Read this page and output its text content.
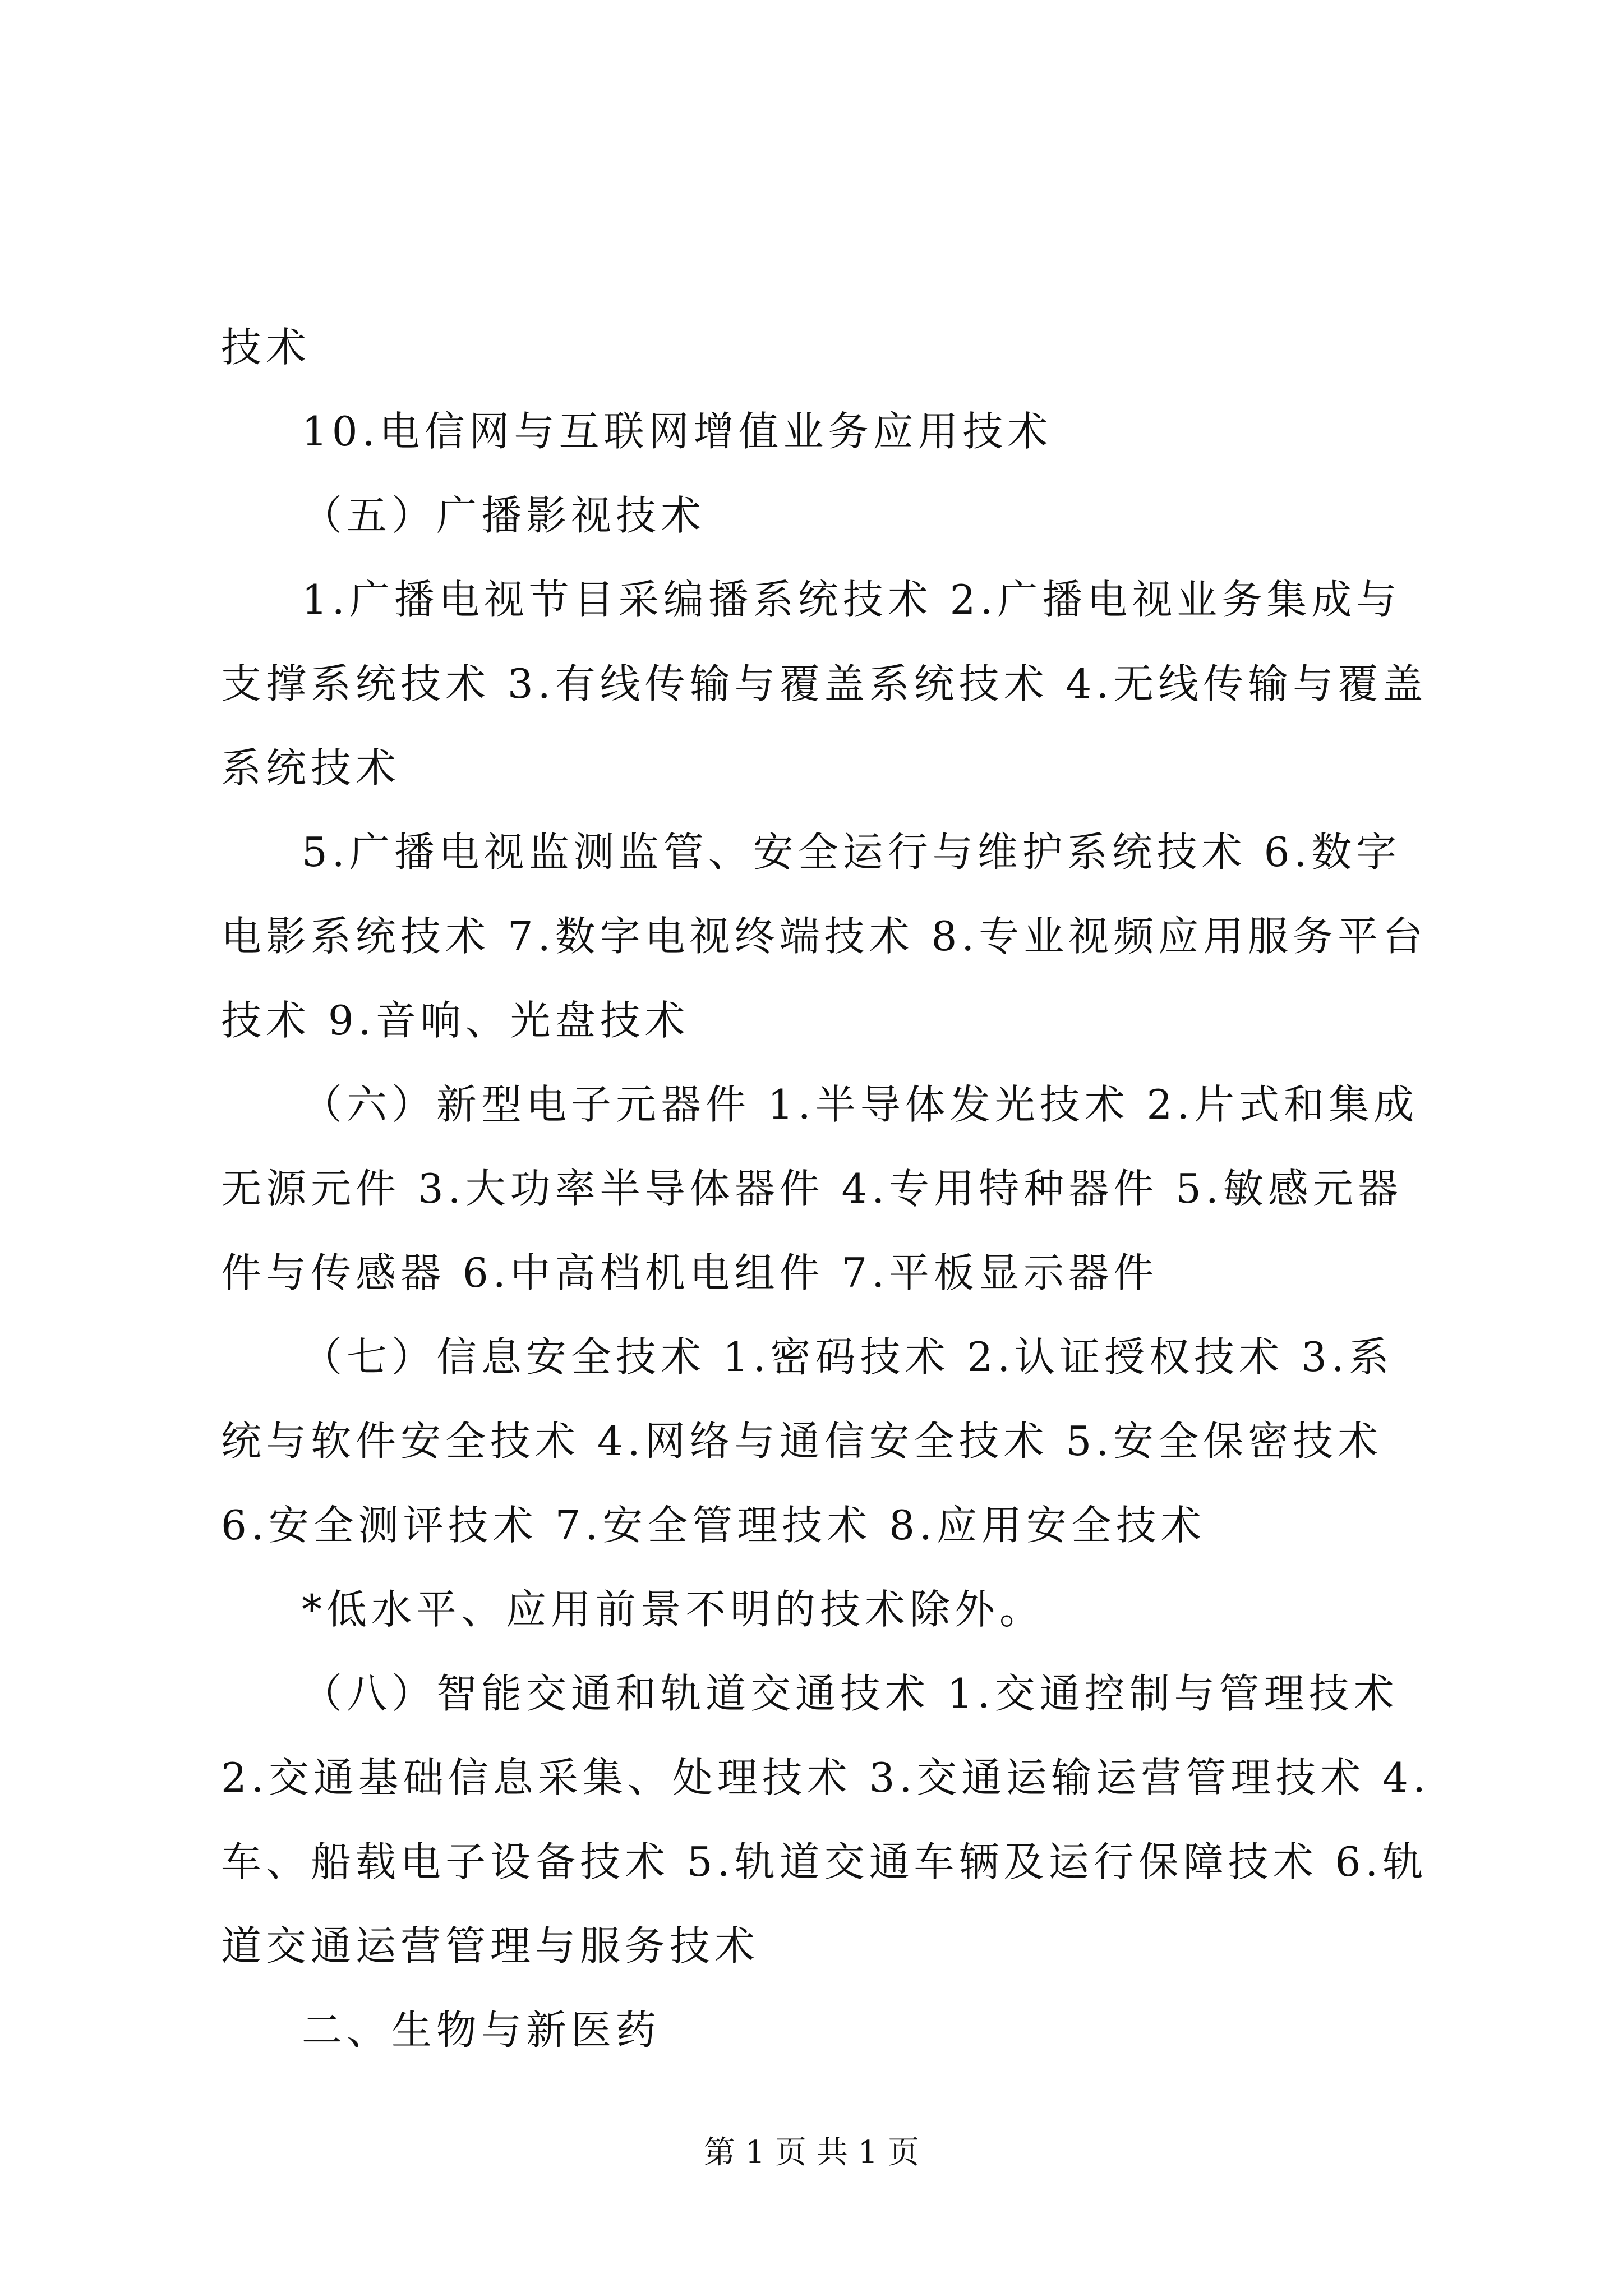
技术

10.电信网与互联网增值业务应用技术

（五）广播影视技术

1.广播电视节目采编播系统技术 2.广播电视业务集成与支撑系统技术 3.有线传输与覆盖系统技术 4.无线传输与覆盖系统技术

5.广播电视监测监管、安全运行与维护系统技术 6.数字电影系统技术 7.数字电视终端技术 8.专业视频应用服务平台技术 9.音响、光盘技术

（六）新型电子元器件 1.半导体发光技术 2.片式和集成无源元件 3.大功率半导体器件 4.专用特种器件 5.敏感元器件与传感器 6.中高档机电组件 7.平板显示器件

（七）信息安全技术 1.密码技术 2.认证授权技术 3.系统与软件安全技术 4.网络与通信安全技术 5.安全保密技术 6.安全测评技术 7.安全管理技术 8.应用安全技术

*低水平、应用前景不明的技术除外。

（八）智能交通和轨道交通技术 1.交通控制与管理技术 2.交通基础信息采集、处理技术 3.交通运输运营管理技术 4.车、船载电子设备技术 5.轨道交通车辆及运行保障技术 6.轨道交通运营管理与服务技术

二、生物与新医药

第 1 页 共 1 页
